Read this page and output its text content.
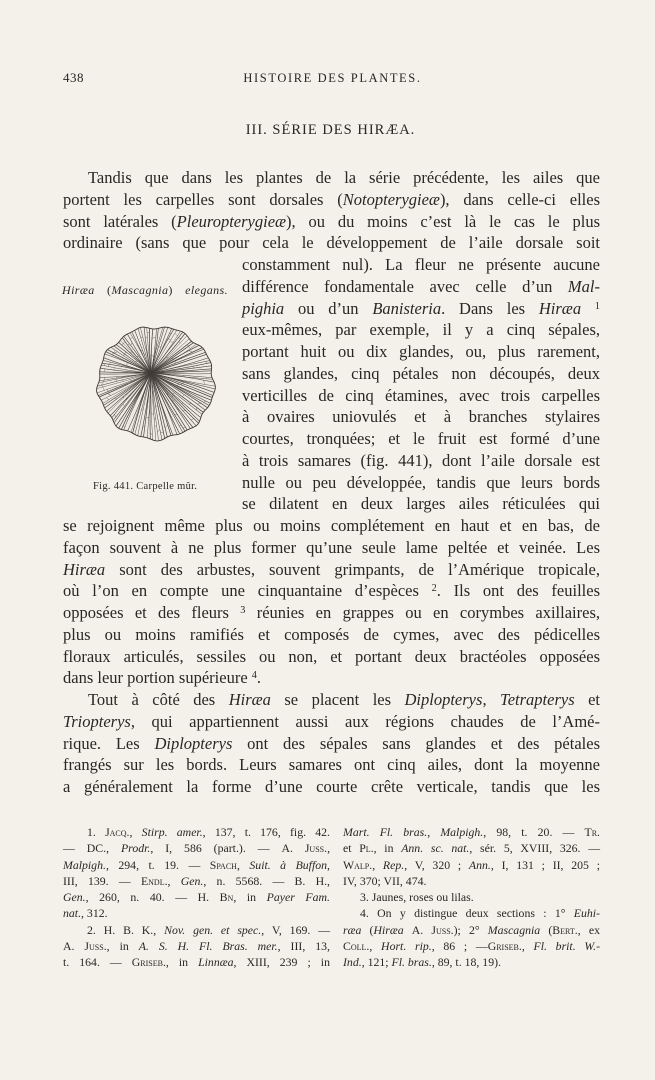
438	HISTOIRE DES PLANTES.
III. SÉRIE DES HIRÆA.
Tandis que dans les plantes de la série précédente, les ailes que
portent les carpelles sont dorsales (Notopterygieæ), dans celle-ci elles
sont latérales (Pleuropterygieæ), ou du moins c’est là le cas le plus
ordinaire (sans que pour cela le développement de l’aile dorsale soit
constamment nul). La fleur ne présente aucune
différence fondamentale avec celle d’un Mal-
pighia ou d’un Banisteria. Dans les Hiræa $^1$
eux-mêmes, par exemple, il y a cinq sépales,
portant huit ou dix glandes, ou, plus rarement,
sans glandes, cinq pétales non découpés, deux
verticilles de cinq étamines, avec trois carpelles
à ovaires uniovulés et à branches stylaires
courtes, tronquées; et le fruit est formé d’une
à trois samares (fig. 441), dont l’aile dorsale est
nulle ou peu développée, tandis que leurs bords
se dilatent en deux larges ailes réticulées qui
se rejoignent même plus ou moins complétement en haut et en bas, de
façon souvent à ne plus former qu’une seule lame peltée et veinée. Les
Hiræa sont des arbustes, souvent grimpants, de l’Amérique tropicale,
où l’on en compte une cinquantaine d’espèces $^2$. Ils ont des feuilles
opposées et des fleurs $^3$ réunies en grappes ou en corymbes axillaires,
plus ou moins ramifiés et composés de cymes, avec des pédicelles
floraux articulés, sessiles ou non, et portant deux bractéoles opposées
dans leur portion supérieure $^4$.
Tout à côté des Hiræa se placent les Diplopterys, Tetrapterys et
Triopterys, qui appartiennent aussi aux régions chaudes de l’Amé-
rique. Les Diplopterys ont des sépales sans glandes et des pétales
frangés sur les bords. Leurs samares ont cinq ailes, dont la moyenne
a généralement la forme d’une courte crête verticale, tandis que les
Hiræa (Mascagnia) elegans.
Fig. 441. Carpelle mûr.
1. Jacq., Stirp. amer., 137, t. 176, fig. 42.
— DC., Prodr., I, 586 (part.). — A. Juss.,
Malpigh., 294, t. 19. — Spach, Suit. à Buffon,
III, 139. — Endl., Gen., n. 5568. — B. H.,
Gen., 260, n. 40. — H. Bn, in Payer Fam.
nat., 312.
2. H. B. K., Nov. gen. et spec., V, 169. —
A. Juss., in A. S. H. Fl. Bras. mer., III, 13,
t. 164. — Griseb., in Linnæa, XIII, 239 ; in
Mart. Fl. bras., Malpigh., 98, t. 20. — Tr.
et Pl., in Ann. sc. nat., sér. 5, XVIII, 326. —
Walp., Rep., V, 320 ; Ann., I, 131 ; II, 205 ;
IV, 370; VII, 474.
3. Jaunes, roses ou lilas.
4. On y distingue deux sections : 1° Euhi-
ræa (Hiræa A. Juss.); 2° Mascagnia (Bert., ex
Coll., Hort. rip., 86 ; —Griseb., Fl. brit. W.-
Ind., 121; Fl. bras., 89, t. 18, 19).
